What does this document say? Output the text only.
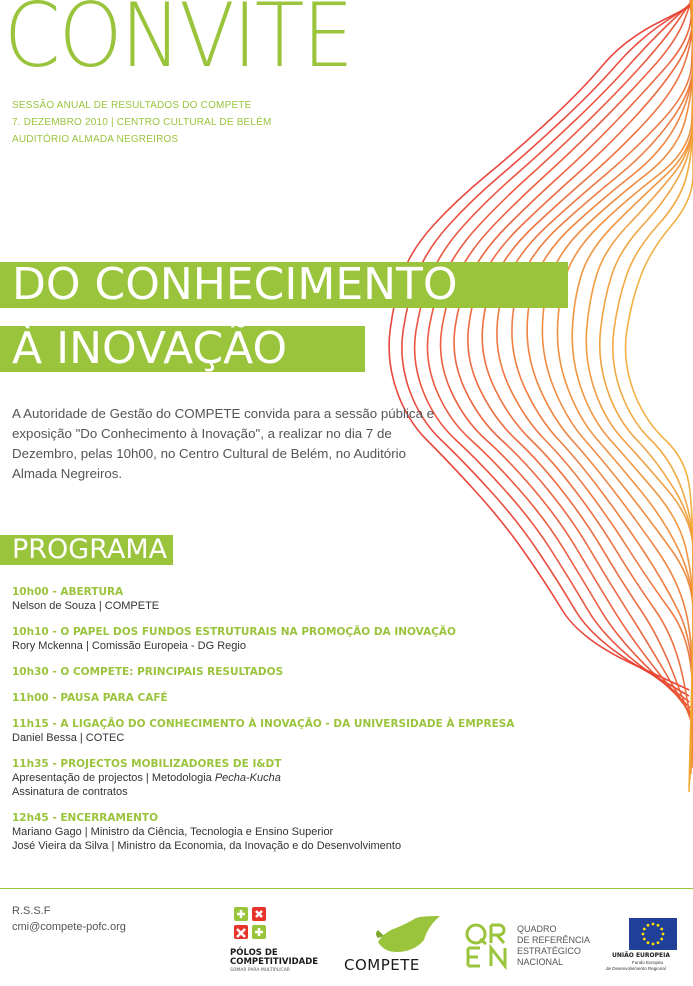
CONVITE
SESSÃO ANUAL DE RESULTADOS DO COMPETE
7. DEZEMBRO 2010 | CENTRO CULTURAL DE BELÉM
AUDITÓRIO ALMADA NEGREIROS
DO CONHECIMENTO
À INOVAÇÃO

A Autoridade de Gestão do COMPETE convida para a sessão pública e exposição "Do Conhecimento à Inovação", a realizar no dia 7 de Dezembro, pelas 10h00, no Centro Cultural de Belém, no Auditório Almada Negreiros.

PROGRAMA
10h00 - ABERTURA
Nelson de Souza | COMPETE
10h10 - O PAPEL DOS FUNDOS ESTRUTURAIS NA PROMOÇÃO DA INOVAÇÃO
Rory Mckenna | Comissão Europeia - DG Regio
10h30 - O COMPETE: PRINCIPAIS RESULTADOS
11h00 - PAUSA PARA CAFÉ
11h15 - A LIGAÇÃO DO CONHECIMENTO À INOVAÇÃO - DA UNIVERSIDADE À EMPRESA
Daniel Bessa | COTEC
11h35 - PROJECTOS MOBILIZADORES DE I&DT
Apresentação de projectos | Metodologia Pecha-Kucha
Assinatura de contratos
12h45 - ENCERRAMENTO
Mariano Gago | Ministro da Ciência, Tecnologia e Ensino Superior
José Vieira da Silva | Ministro da Economia, da Inovação e do Desenvolvimento
R.S.S.F
cmi@compete-pofc.org
PÓLOS DE
COMPETITIVIDADE
SOMAR PARA MULTIPLICAR	COMPETE
QUADRO
DE REFERÊNCIA
ESTRATÉGICO
NACIONAL
UNIÃO EUROPEIA
Fundo Europeu
de Desenvolvimento Regional
